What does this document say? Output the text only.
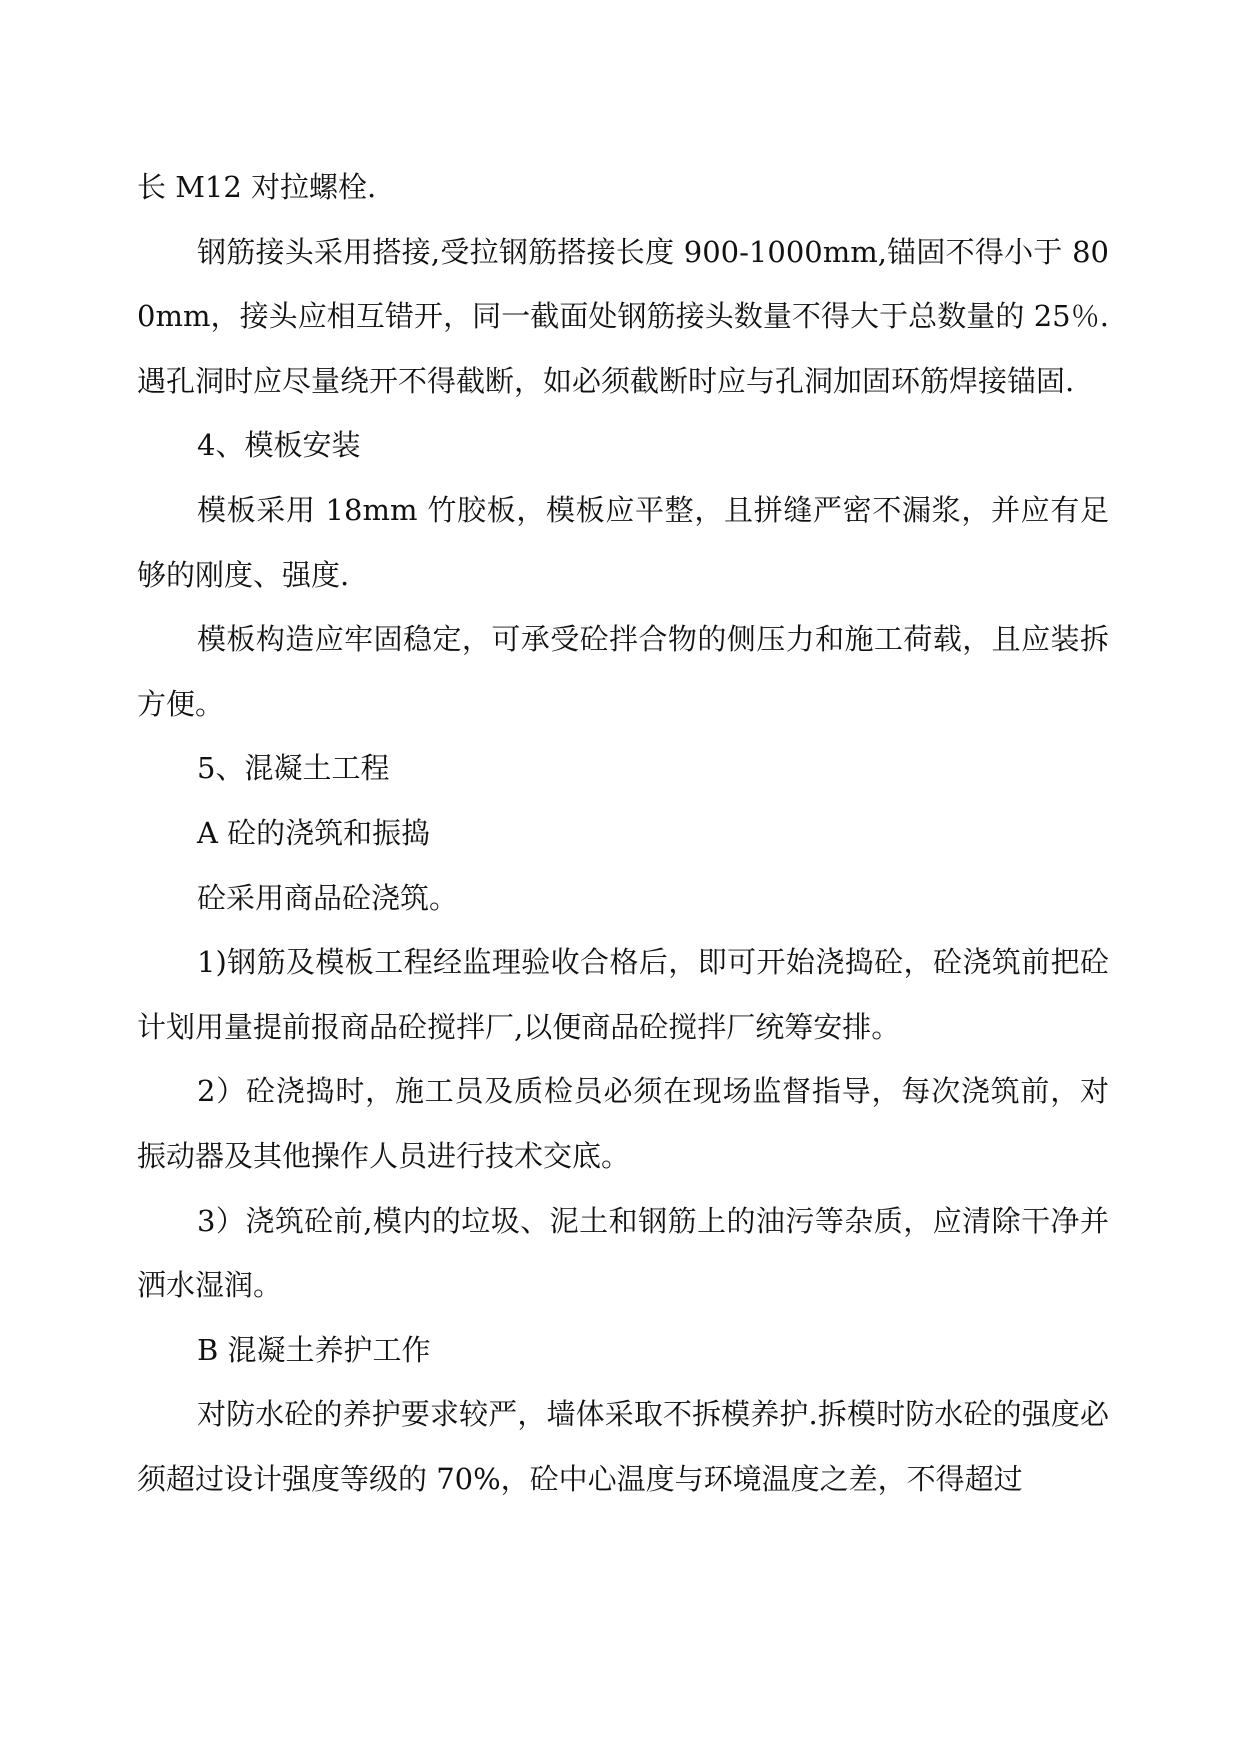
长 M12 对拉螺栓.

钢筋接头采用搭接,受拉钢筋搭接长度 900-1000mm,锚固不得小于 800mm，接头应相互错开，同一截面处钢筋接头数量不得大于总数量的 25％.遇孔洞时应尽量绕开不得截断，如必须截断时应与孔洞加固环筋焊接锚固.

4、模板安装

模板采用 18mm 竹胶板，模板应平整，且拼缝严密不漏浆，并应有足够的刚度、强度.

模板构造应牢固稳定，可承受砼拌合物的侧压力和施工荷载，且应装拆方便。

5、混凝土工程

A 砼的浇筑和振捣

砼采用商品砼浇筑。

1)钢筋及模板工程经监理验收合格后，即可开始浇捣砼，砼浇筑前把砼计划用量提前报商品砼搅拌厂,以便商品砼搅拌厂统筹安排。

2）砼浇捣时，施工员及质检员必须在现场监督指导，每次浇筑前，对振动器及其他操作人员进行技术交底。

3）浇筑砼前,模内的垃圾、泥土和钢筋上的油污等杂质，应清除干净并洒水湿润。

B 混凝土养护工作

对防水砼的养护要求较严，墙体采取不拆模养护.拆模时防水砼的强度必须超过设计强度等级的 70%，砼中心温度与环境温度之差，不得超过
